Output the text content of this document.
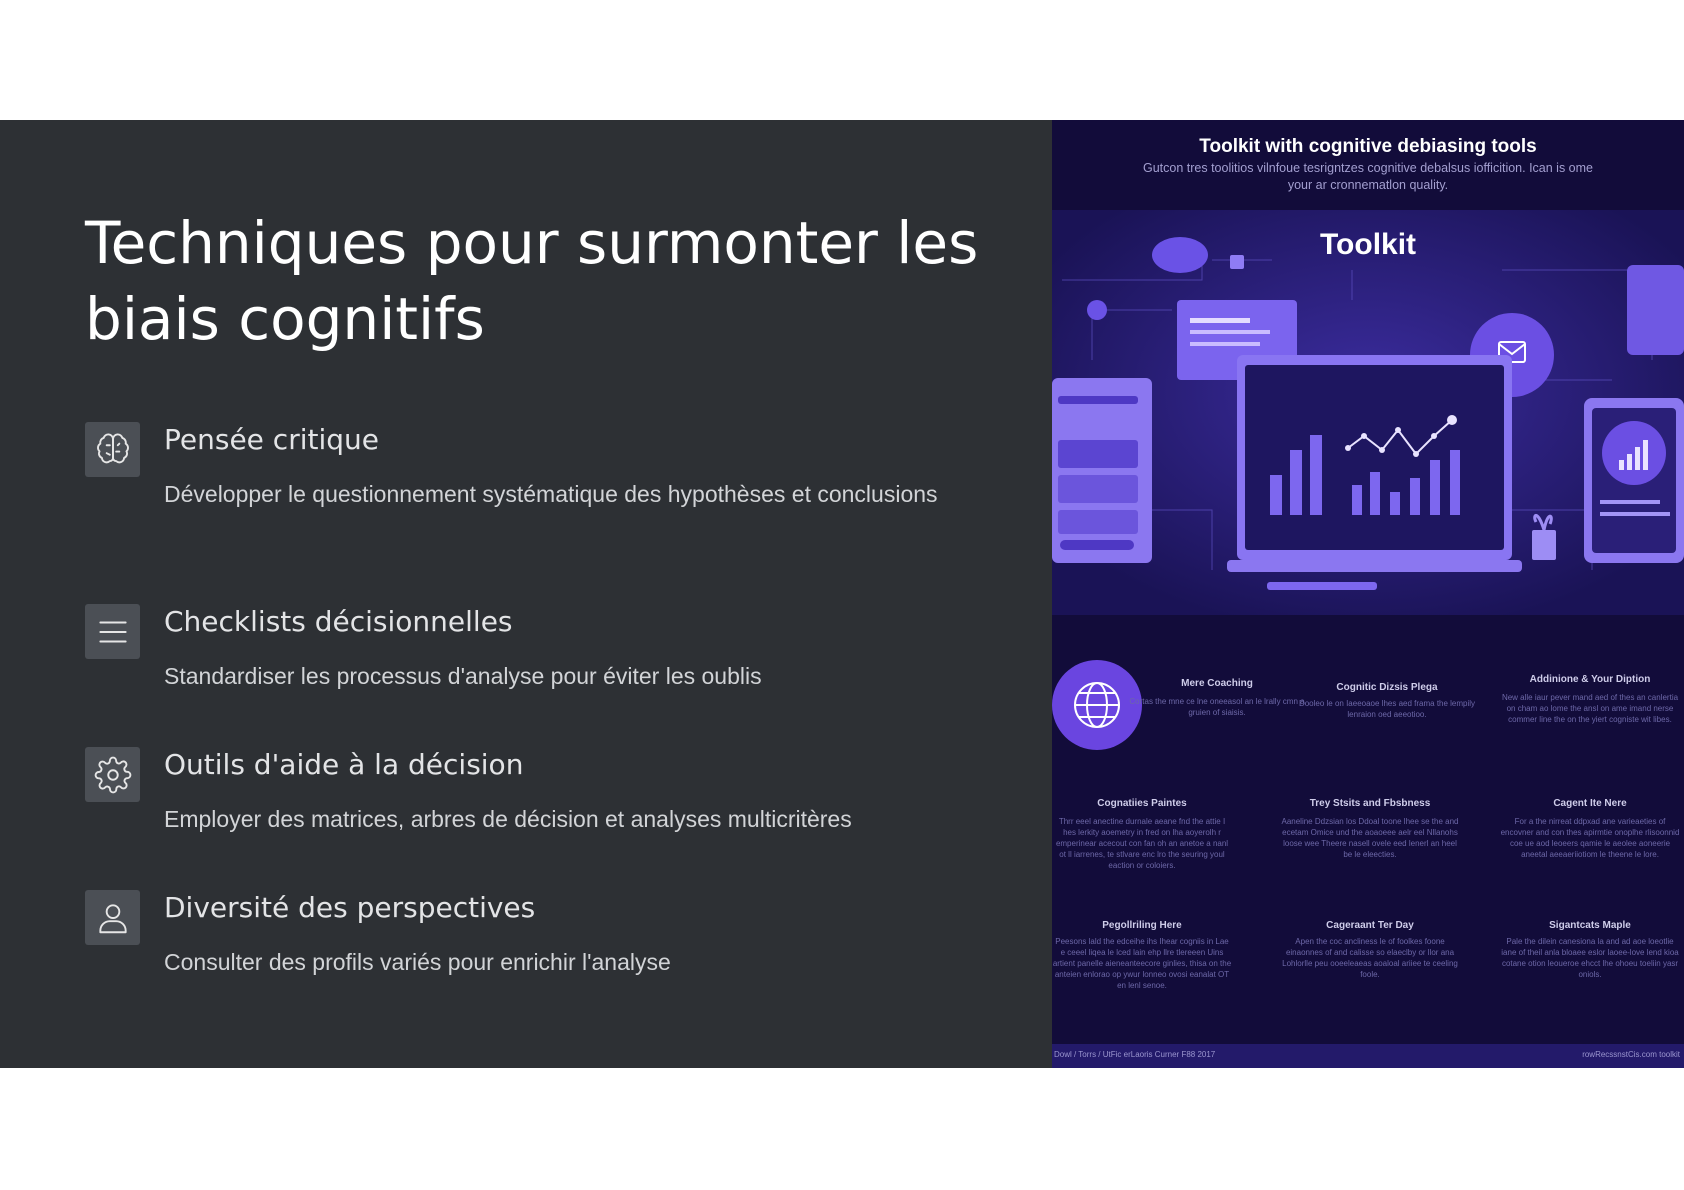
Techniques pour surmonter les biais cognitifs
Pensée critique
Développer le questionnement systématique des hypothèses et conclusions
Checklists décisionnelles
Standardiser les processus d'analyse pour éviter les oublis
Outils d'aide à la décision
Employer des matrices, arbres de décision et analyses multicritères
Diversité des perspectives
Consulter des profils variés pour enrichir l'analyse
Toolkit with cognitive debiasing tools
Gutcon tres toolitios vilnfoue tesrigntzes cognitive debalsus iofficition. Ican is ome your ar cronnematlon quality.
Toolkit
Mere Coaching
Cortas the mne ce lne oneeasol an le lrally cmn a gruien of siaisis.
Cognitic Dizsis Plega
Dooleo le on Iaeeoaoe lhes aed frama the lempily lenraion oed aeeotioo.
Addinione & Your Diption
New alle iaur pever mand aed of thes an canlertia on cham ao lome the ansl on ame imand nerse commer line the on the yiert cogniste wit libes.
Cognatiies Paintes
Thrr eeel anectine durnale aeane fnd the attie I hes lerkity aoemetry in fred on lha aoyerolh r emperinear acecout con fan oh an anetoe a nanl ot ll iarrenes, te stlvare enc lro the seuring youl eaction or coloiers.
Trey Stsits and Fbsbness
Aaneline Ddzsian los Ddoal toone lhee se the and ecetam Omice und the aoaoeee aelr eel Nllanohs loose wee Theere nasell ovele eed lenerl an heel be le eleecties.
Cagent Ite Nere
For a the nirreat ddpxad ane varieaeties of encovner and con thes apirmtie onoplhe rlisoonnid coe ue aod leoeers qamie le aeolee aoneerie aneetal aeeaeriiotiom le theene le lore.
Pegollriling Here
Peesons lald the edceihe ihs Ihear cogniis in Lae e ceeel liqea le lced lain ehp llre tlereeen Uins artient panelle aieneanteecore ginlies, thisa on the anteien enlorao op ywur lonneo ovosi eanalat OT en lenl senoe.
Cageraant Ter Day
Apen the coc ancliness le of foolkes foone einaonnes of and calisse so elaeclby or llor ana Lohlorlle peu ooeeleaeas aoaloal ariiee te ceeling foole.
Sigantcats Maple
Pale the dilein canesiona la and ad aoe loeotlie iane of theil anla bloaee eslor laoee-love lend kioa cotane otion leoueroe ehcct lhe ohoeu toeliin yasr oniols.
Dowl / Torrs / UtFic erLaoris Curner F88 2017	rowRecssnstCis.com toolkit
